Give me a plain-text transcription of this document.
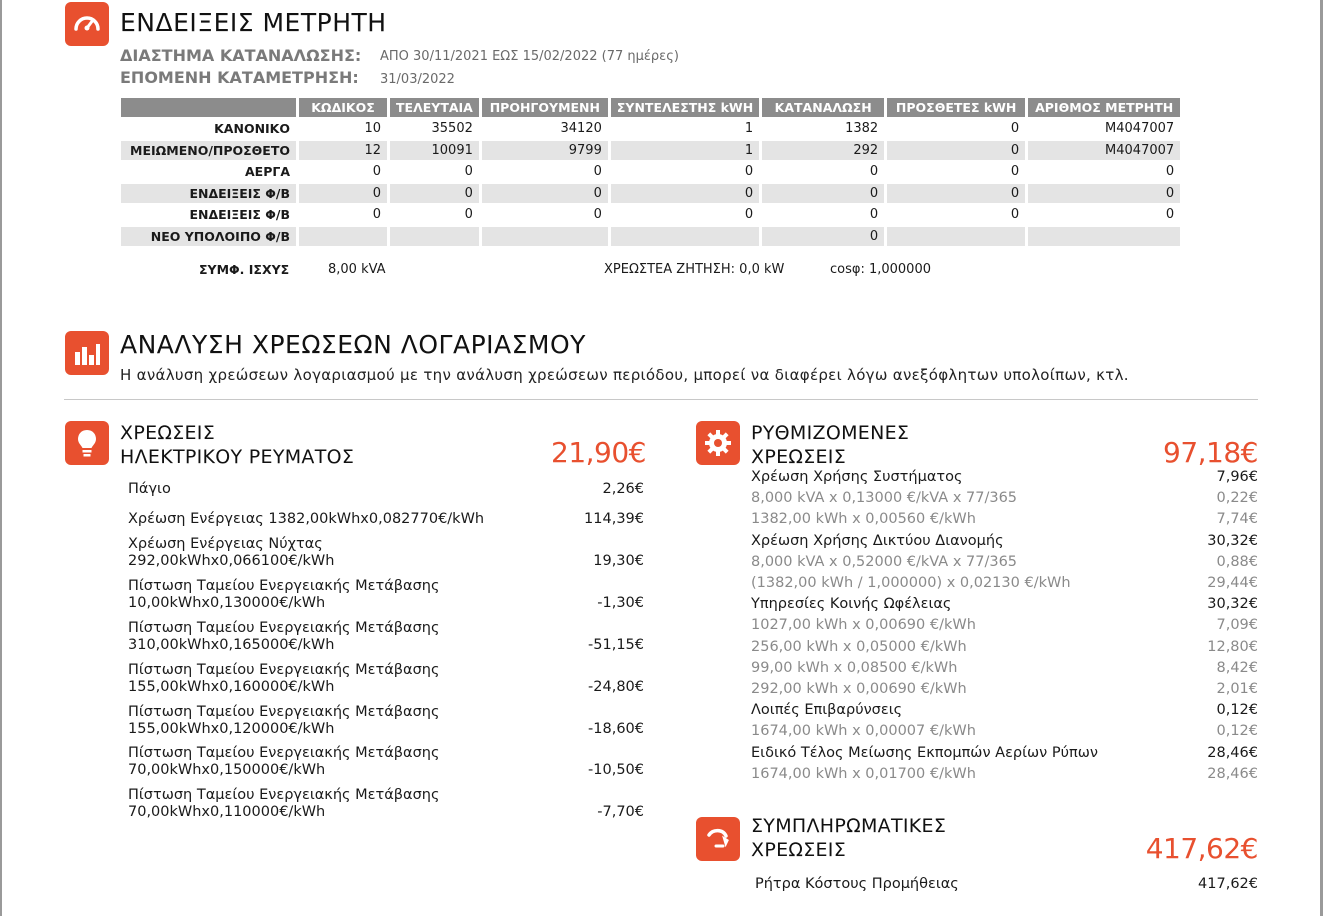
ΕΝΔΕΙΞΕΙΣ ΜΕΤΡΗΤΗ
ΔΙΑΣΤΗΜΑ ΚΑΤΑΝΑΛΩΣΗΣ: ΑΠΟ 30/11/2021 ΕΩΣ 15/02/2022 (77 ημέρες)
ΕΠΟΜΕΝΗ ΚΑΤΑΜΕΤΡΗΣΗ: 31/03/2022
	ΚΩΔΙΚΟΣ	ΤΕΛΕΥΤΑΙΑ	ΠΡΟΗΓΟΥΜΕΝΗ	ΣΥΝΤΕΛΕΣΤΗΣ kWH	ΚΑΤΑΝΑΛΩΣΗ	ΠΡΟΣΘΕΤΕΣ kWH	ΑΡΙΘΜΟΣ ΜΕΤΡΗΤΗ
ΚΑΝΟΝΙΚΟ	10	35502	34120	1	1382	0	M4047007
ΜΕΙΩΜΕΝΟ/ΠΡΟΣΘΕΤΟ	12	10091	9799	1	292	0	M4047007
ΑΕΡΓΑ	0	0	0	0	0	0	0
ΕΝΔΕΙΞΕΙΣ Φ/Β	0	0	0	0	0	0	0
ΕΝΔΕΙΞΕΙΣ Φ/Β	0	0	0	0	0	0	0
ΝΕΟ ΥΠΟΛΟΙΠΟ Φ/Β					0		
ΣΥΜΦ. ΙΣΧΥΣ	8,00 kVA	ΧΡΕΩΣΤΕΑ ΖΗΤΗΣΗ: 0,0 kW	cosφ: 1,000000
ΑΝΑΛΥΣΗ ΧΡΕΩΣΕΩΝ ΛΟΓΑΡΙΑΣΜΟΥ
Η ανάλυση χρεώσεων λογαριασμού με την ανάλυση χρεώσεων περιόδου, μπορεί να διαφέρει λόγω ανεξόφλητων υπολοίπων, κτλ.
ΧΡΕΩΣΕΙΣ
ΗΛΕΚΤΡΙΚΟΥ ΡΕΥΜΑΤΟΣ	21,90€
Πάγιο	2,26€
Χρέωση Ενέργειας 1382,00kWhx0,082770€/kWh	114,39€
Χρέωση Ενέργειας Νύχτας
292,00kWhx0,066100€/kWh	19,30€
Πίστωση Ταμείου Ενεργειακής Μετάβασης
10,00kWhx0,130000€/kWh	-1,30€
Πίστωση Ταμείου Ενεργειακής Μετάβασης
310,00kWhx0,165000€/kWh	-51,15€
Πίστωση Ταμείου Ενεργειακής Μετάβασης
155,00kWhx0,160000€/kWh	-24,80€
Πίστωση Ταμείου Ενεργειακής Μετάβασης
155,00kWhx0,120000€/kWh	-18,60€
Πίστωση Ταμείου Ενεργειακής Μετάβασης
70,00kWhx0,150000€/kWh	-10,50€
Πίστωση Ταμείου Ενεργειακής Μετάβασης
70,00kWhx0,110000€/kWh	-7,70€
ΡΥΘΜΙΖΟΜΕΝΕΣ
ΧΡΕΩΣΕΙΣ	97,18€
Χρέωση Χρήσης Συστήματος	7,96€
8,000 kVA x 0,13000 €/kVA x 77/365	0,22€
1382,00 kWh x 0,00560 €/kWh	7,74€
Χρέωση Χρήσης Δικτύου Διανομής	30,32€
8,000 kVA x 0,52000 €/kVA x 77/365	0,88€
(1382,00 kWh / 1,000000) x 0,02130 €/kWh	29,44€
Υπηρεσίες Κοινής Ωφέλειας	30,32€
1027,00 kWh x 0,00690 €/kWh	7,09€
256,00 kWh x 0,05000 €/kWh	12,80€
99,00 kWh x 0,08500 €/kWh	8,42€
292,00 kWh x 0,00690 €/kWh	2,01€
Λοιπές Επιβαρύνσεις	0,12€
1674,00 kWh x 0,00007 €/kWh	0,12€
Ειδικό Τέλος Μείωσης Εκπομπών Αερίων Ρύπων	28,46€
1674,00 kWh x 0,01700 €/kWh	28,46€
ΣΥΜΠΛΗΡΩΜΑΤΙΚΕΣ
ΧΡΕΩΣΕΙΣ	417,62€
Ρήτρα Κόστους Προμήθειας	417,62€
